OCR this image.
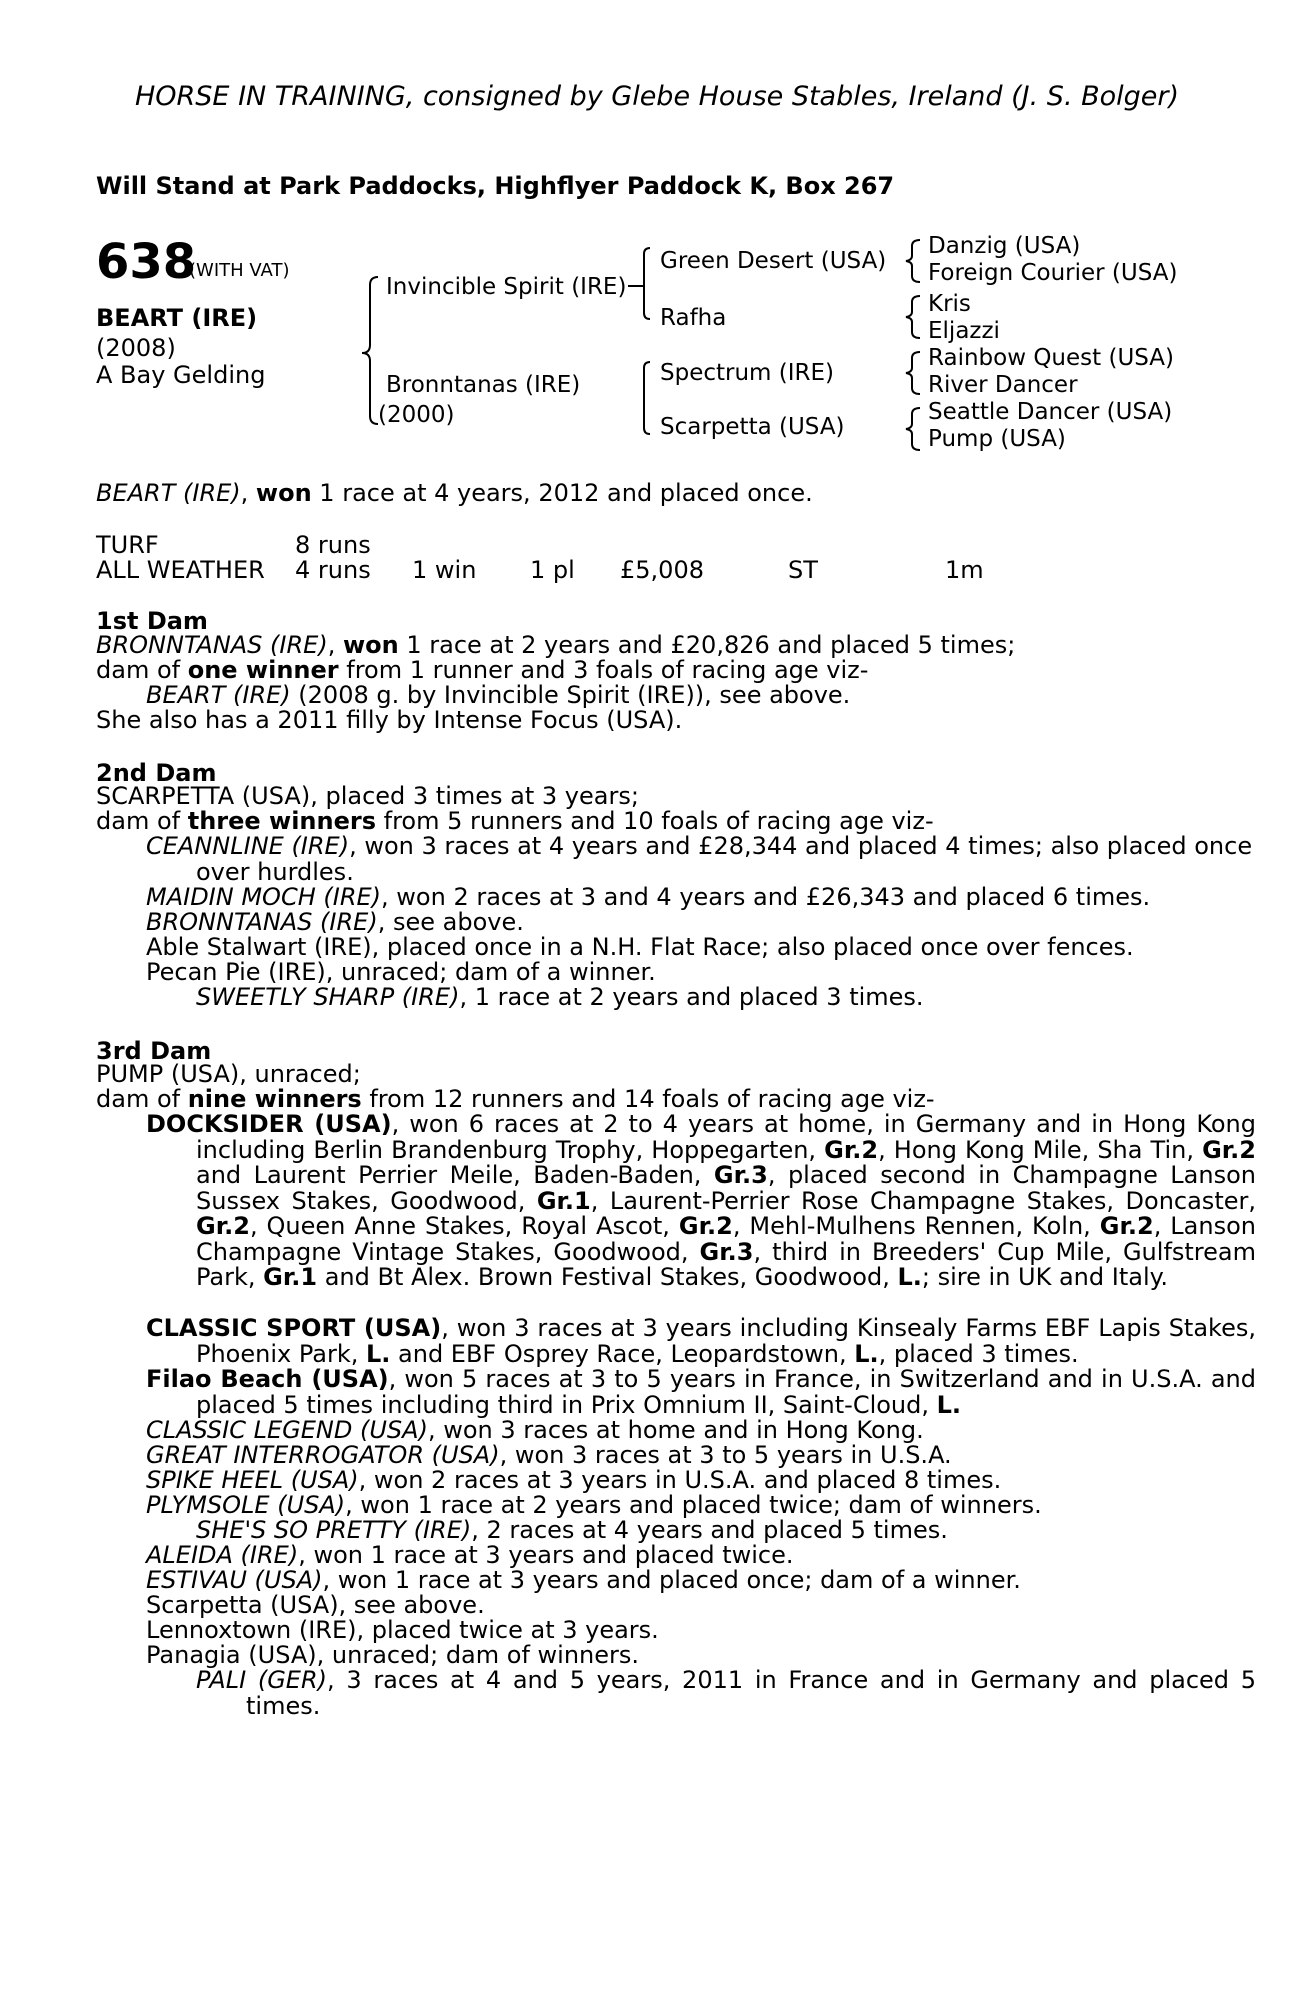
HORSE IN TRAINING, consigned by Glebe House Stables, Ireland (J. S. Bolger)
Will Stand at Park Paddocks, Highflyer Paddock K, Box 267
638
(WITH VAT)
BEART (IRE)
(2008)
A Bay Gelding
Invincible Spirit (IRE)
Bronntanas (IRE)
(2000)
Green Desert (USA)
Rafha
Spectrum (IRE)
Scarpetta (USA)
Danzig (USA)
Foreign Courier (USA)
Kris
Eljazzi
Rainbow Quest (USA)
River Dancer
Seattle Dancer (USA)
Pump (USA)
BEART (IRE), won 1 race at 4 years, 2012 and placed once.
TURF	8 runs
ALL WEATHER 4 runs 1 win 1 pl £5,008	ST	1m
1st Dam
BRONNTANAS (IRE), won 1 race at 2 years and £20,826 and placed 5 times;
dam of one winner from 1 runner and 3 foals of racing age viz-
BEART (IRE) (2008 g. by Invincible Spirit (IRE)), see above.
She also has a 2011 filly by Intense Focus (USA).
2nd Dam
SCARPETTA (USA), placed 3 times at 3 years;
dam of three winners from 5 runners and 10 foals of racing age viz-
CEANNLINE (IRE), won 3 races at 4 years and £28,344 and placed 4 times; also placed once over hurdles.
MAIDIN MOCH (IRE), won 2 races at 3 and 4 years and £26,343 and placed 6 times.
BRONNTANAS (IRE), see above.
Able Stalwart (IRE), placed once in a N.H. Flat Race; also placed once over fences.
Pecan Pie (IRE), unraced; dam of a winner.
SWEETLY SHARP (IRE), 1 race at 2 years and placed 3 times.
3rd Dam
PUMP (USA), unraced;
dam of nine winners from 12 runners and 14 foals of racing age viz-
DOCKSIDER (USA), won 6 races at 2 to 4 years at home, in Germany and in Hong Kong including Berlin Brandenburg Trophy, Hoppegarten, Gr.2, Hong Kong Mile, Sha Tin, Gr.2 and Laurent Perrier Meile, Baden-Baden, Gr.3, placed second in Champagne Lanson Sussex Stakes, Goodwood, Gr.1, Laurent-Perrier Rose Champagne Stakes, Doncaster, Gr.2, Queen Anne Stakes, Royal Ascot, Gr.2, Mehl-Mulhens Rennen, Koln, Gr.2, Lanson Champagne Vintage Stakes, Goodwood, Gr.3, third in Breeders' Cup Mile, Gulfstream Park, Gr.1 and Bt Alex. Brown Festival Stakes, Goodwood, L.; sire in UK and Italy.
CLASSIC SPORT (USA), won 3 races at 3 years including Kinsealy Farms EBF Lapis Stakes, Phoenix Park, L. and EBF Osprey Race, Leopardstown, L., placed 3 times.
Filao Beach (USA), won 5 races at 3 to 5 years in France, in Switzerland and in U.S.A. and placed 5 times including third in Prix Omnium II, Saint-Cloud, L.
CLASSIC LEGEND (USA), won 3 races at home and in Hong Kong.
GREAT INTERROGATOR (USA), won 3 races at 3 to 5 years in U.S.A.
SPIKE HEEL (USA), won 2 races at 3 years in U.S.A. and placed 8 times.
PLYMSOLE (USA), won 1 race at 2 years and placed twice; dam of winners.
SHE'S SO PRETTY (IRE), 2 races at 4 years and placed 5 times.
ALEIDA (IRE), won 1 race at 3 years and placed twice.
ESTIVAU (USA), won 1 race at 3 years and placed once; dam of a winner.
Scarpetta (USA), see above.
Lennoxtown (IRE), placed twice at 3 years.
Panagia (USA), unraced; dam of winners.
PALI (GER), 3 races at 4 and 5 years, 2011 in France and in Germany and placed 5 times.
